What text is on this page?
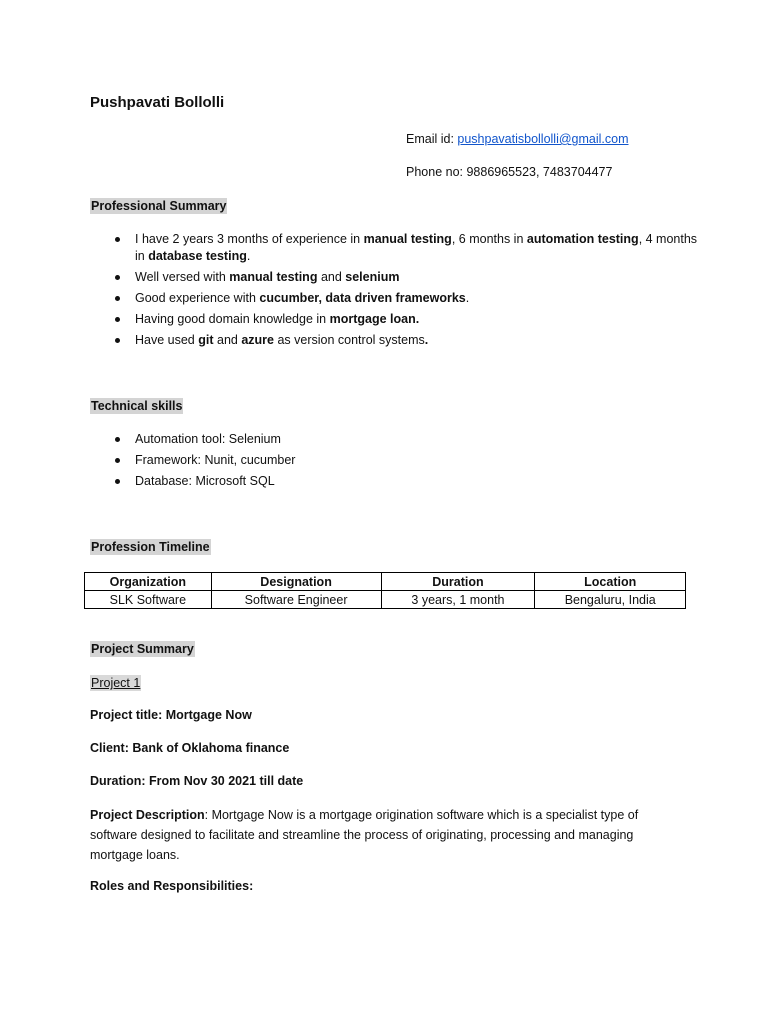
Pushpavati Bollolli
Email id: pushpavatisbollolli@gmail.com
Phone no: 9886965523, 7483704477
Professional Summary
I have 2 years 3 months of experience in manual testing, 6 months in automation testing, 4 months in database testing.
Well versed with manual testing and selenium
Good experience with cucumber, data driven frameworks.
Having good domain knowledge in mortgage loan.
Have used git and azure as version control systems.
Technical skills
Automation tool: Selenium
Framework: Nunit, cucumber
Database: Microsoft SQL
Profession Timeline
Organization	Designation	Duration	Location
SLK Software	Software Engineer	3 years, 1 month	Bengaluru, India
Project Summary
Project 1
Project title: Mortgage Now
Client: Bank of Oklahoma finance
Duration: From Nov 30 2021 till date
Project Description: Mortgage Now is a mortgage origination software which is a specialist type of software designed to facilitate and streamline the process of originating, processing and managing mortgage loans.
Roles and Responsibilities:
